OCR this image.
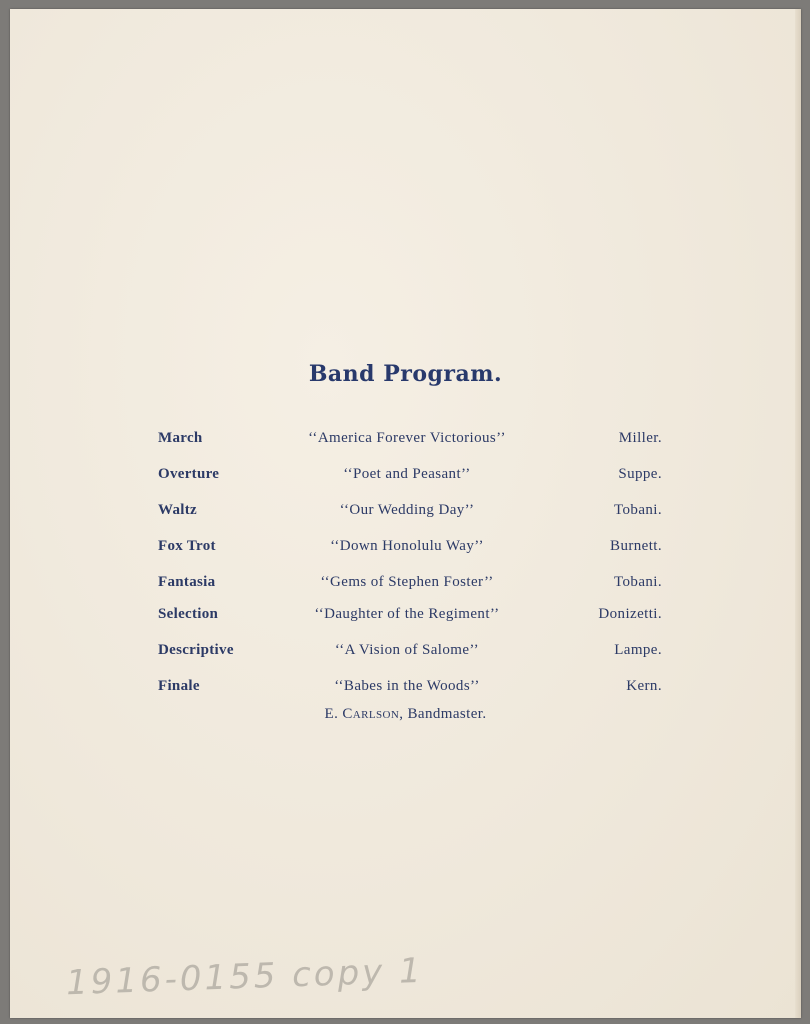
Band Program.
March	‘‘America Forever Victorious’’	Miller.
Overture	‘‘Poet and Peasant’’	Suppe.
Waltz	‘‘Our Wedding Day’’	Tobani.
Fox Trot	‘‘Down Honolulu Way’’	Burnett.
Fantasia	‘‘Gems of Stephen Foster’’	Tobani.
Selection	‘‘Daughter of the Regiment’’	Donizetti.
Descriptive	‘‘A Vision of Salome’’	Lampe.
Finale	‘‘Babes in the Woods’’	Kern.
E. Carlson, Bandmaster.
1916-0155 copy 1
